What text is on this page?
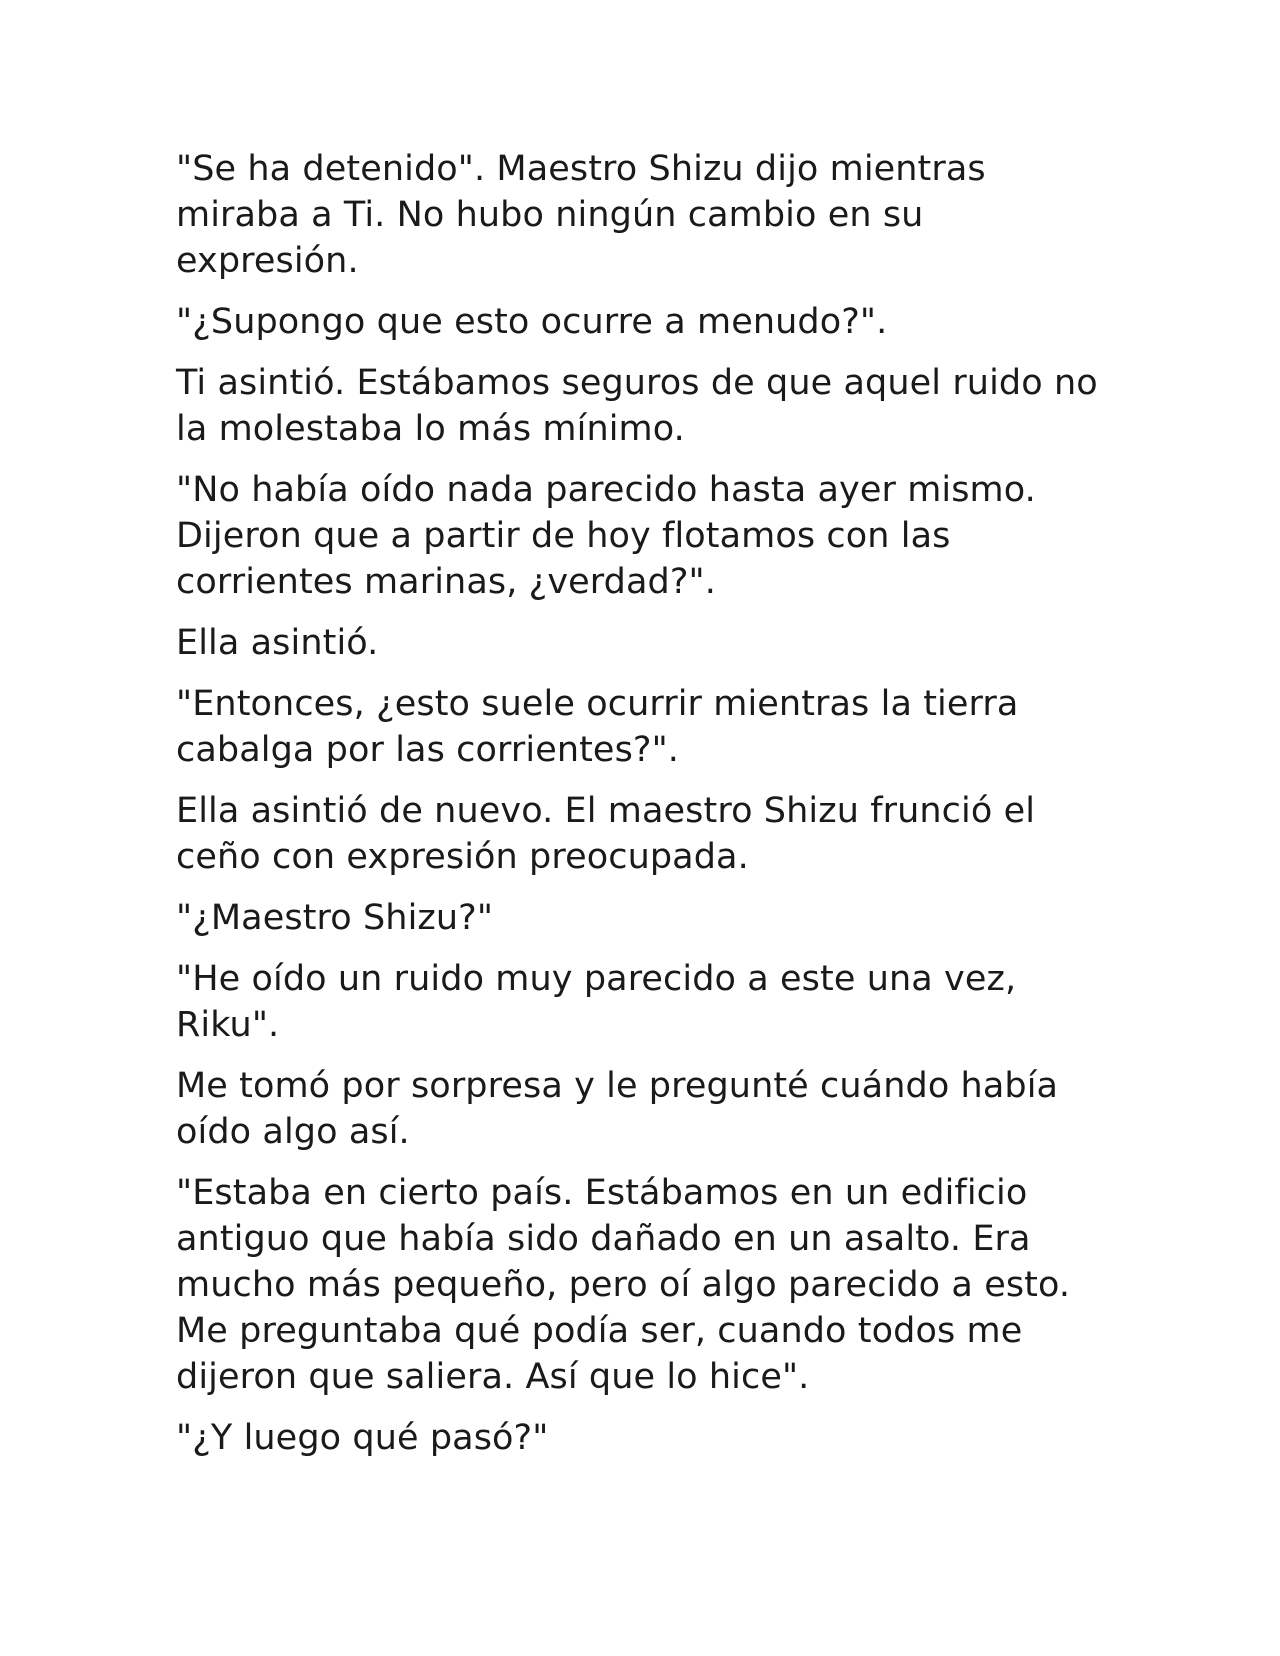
"Se ha detenido". Maestro Shizu dijo mientras miraba a Ti. No hubo ningún cambio en su expresión.

"¿Supongo que esto ocurre a menudo?".

Ti asintió. Estábamos seguros de que aquel ruido no la molestaba lo más mínimo.

"No había oído nada parecido hasta ayer mismo. Dijeron que a partir de hoy flotamos con las corrientes marinas, ¿verdad?".

Ella asintió.

"Entonces, ¿esto suele ocurrir mientras la tierra cabalga por las corrientes?".

Ella asintió de nuevo. El maestro Shizu frunció el ceño con expresión preocupada.

"¿Maestro Shizu?"

"He oído un ruido muy parecido a este una vez, Riku".

Me tomó por sorpresa y le pregunté cuándo había oído algo así.

"Estaba en cierto país. Estábamos en un edificio antiguo que había sido dañado en un asalto. Era mucho más pequeño, pero oí algo parecido a esto. Me preguntaba qué podía ser, cuando todos me dijeron que saliera. Así que lo hice".

"¿Y luego qué pasó?"
